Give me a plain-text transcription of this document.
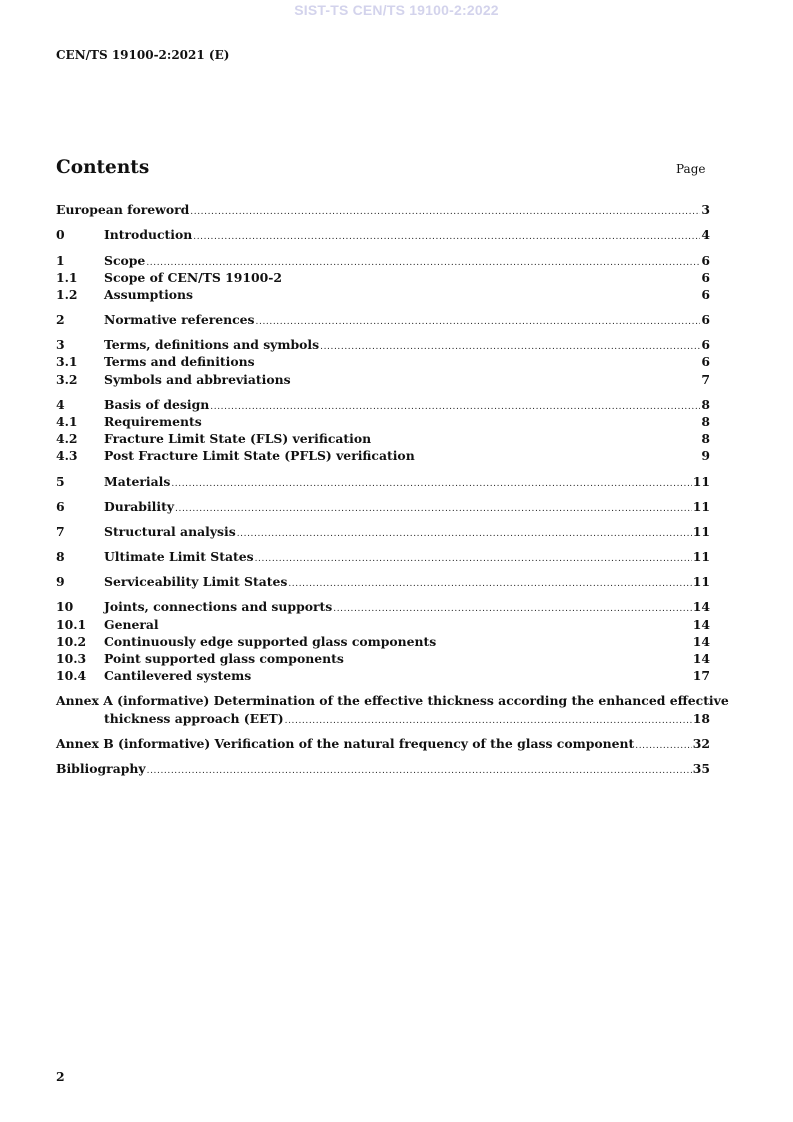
SIST-TS CEN/TS 19100-2:2022
CEN/TS 19100-2:2021 (E)
Contents	Page
European foreword .....	3
0	Introduction .....	4
1	Scope .....	6
1.1 Scope of CEN/TS 19100-2	6
1.2 Assumptions	6
2	Normative references .....	6
3	Terms, definitions and symbols .....	6
3.1 Terms and definitions	6
3.2 Symbols and abbreviations	7
4	Basis of design .....	8
4.1 Requirements	8
4.2 Fracture Limit State (FLS) verification	8
4.3 Post Fracture Limit State (PFLS) verification	9
5	Materials .....	11
6	Durability .....	11
7	Structural analysis .....	11
8	Ultimate Limit States .....	11
9	Serviceability Limit States .....	11
10 Joints, connections and supports .....	14
10.1 General	14
10.2 Continuously edge supported glass components	14
10.3 Point supported glass components	14
10.4 Cantilevered systems	17
Annex A (informative) Determination of the effective thickness according the enhanced effective
thickness approach (EET) .....	18
Annex B (informative) Verification of the natural frequency of the glass component .....	32
Bibliography .....	35
2
